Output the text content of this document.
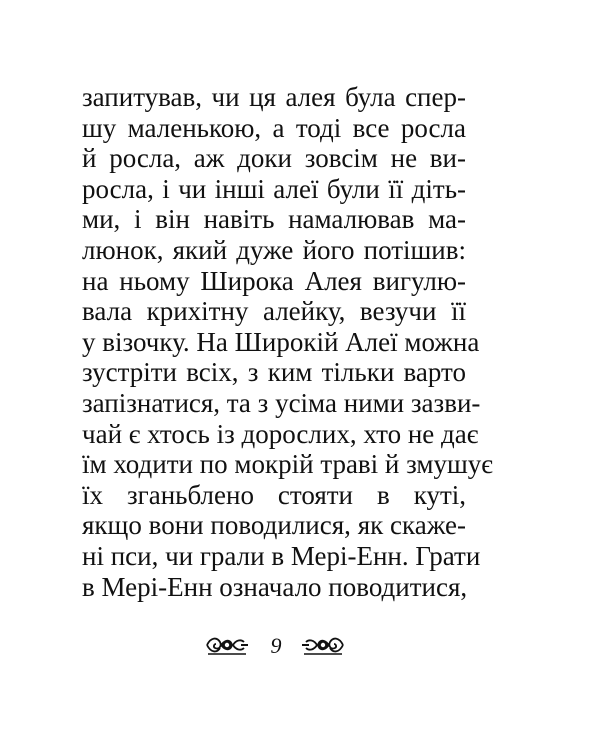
запитував, чи ця алея була спер-
шу маленькою, а тоді все росла
й росла, аж доки зовсім не ви-
росла, і чи інші алеї були її діть-
ми, і він навіть намалював ма-
люнок, який дуже його потішив:
на ньому Широка Алея вигулю-
вала крихітну алейку, везучи її
у візочку. На Широкій Алеї можна
зустріти всіх, з ким тільки варто
запізнатися, та з усіма ними зазви-
чай є хтось із дорослих, хто не дає
їм ходити по мокрій траві й змушує
їх зганьблено стояти в куті,
якщо вони поводилися, як скаже-
ні пси, чи грали в Мері-Енн. Грати
в Мері-Енн означало поводитися,
9
